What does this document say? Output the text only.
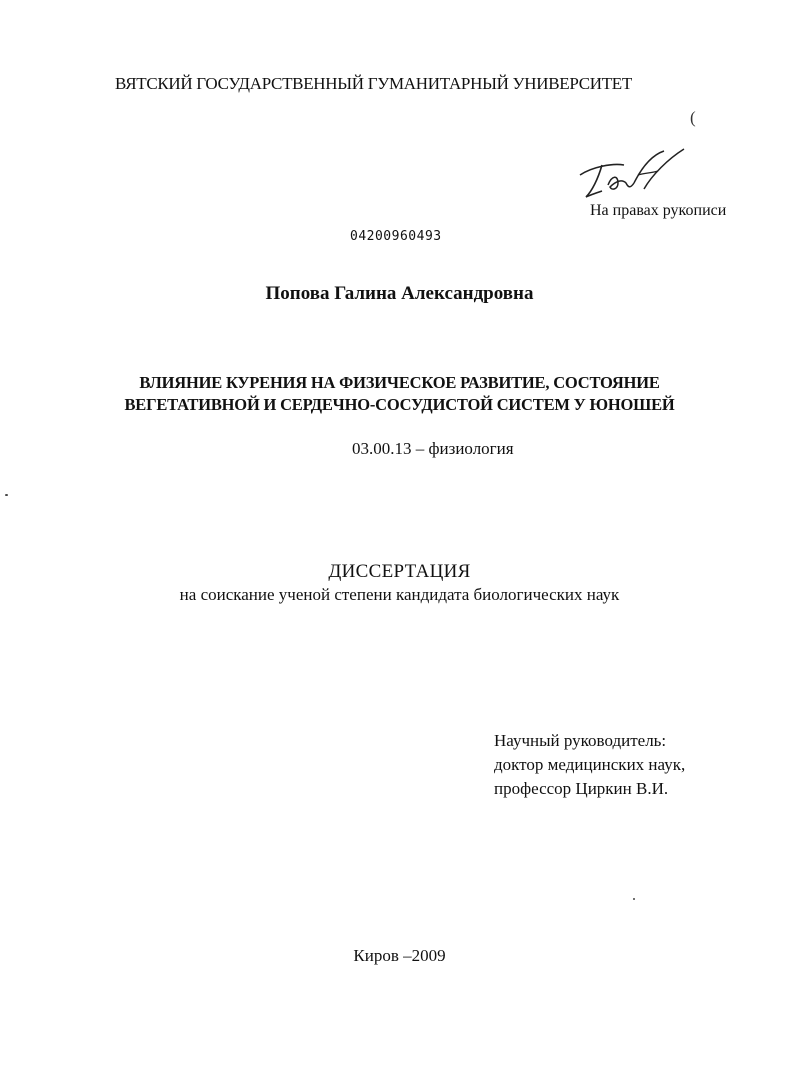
ВЯТСКИЙ ГОСУДАРСТВЕННЫЙ ГУМАНИТАРНЫЙ УНИВЕРСИТЕТ
(
На правах рукописи
04200960493
Попова Галина Александровна
ВЛИЯНИЕ КУРЕНИЯ НА ФИЗИЧЕСКОЕ РАЗВИТИЕ, СОСТОЯНИЕ
ВЕГЕТАТИВНОЙ И СЕРДЕЧНО-СОСУДИСТОЙ СИСТЕМ У ЮНОШЕЙ
03.00.13 – физиология
ДИССЕРТАЦИЯ
на соискание ученой степени кандидата биологических наук
Научный руководитель:
доктор медицинских наук,
профессор Циркин В.И.
Киров –2009
